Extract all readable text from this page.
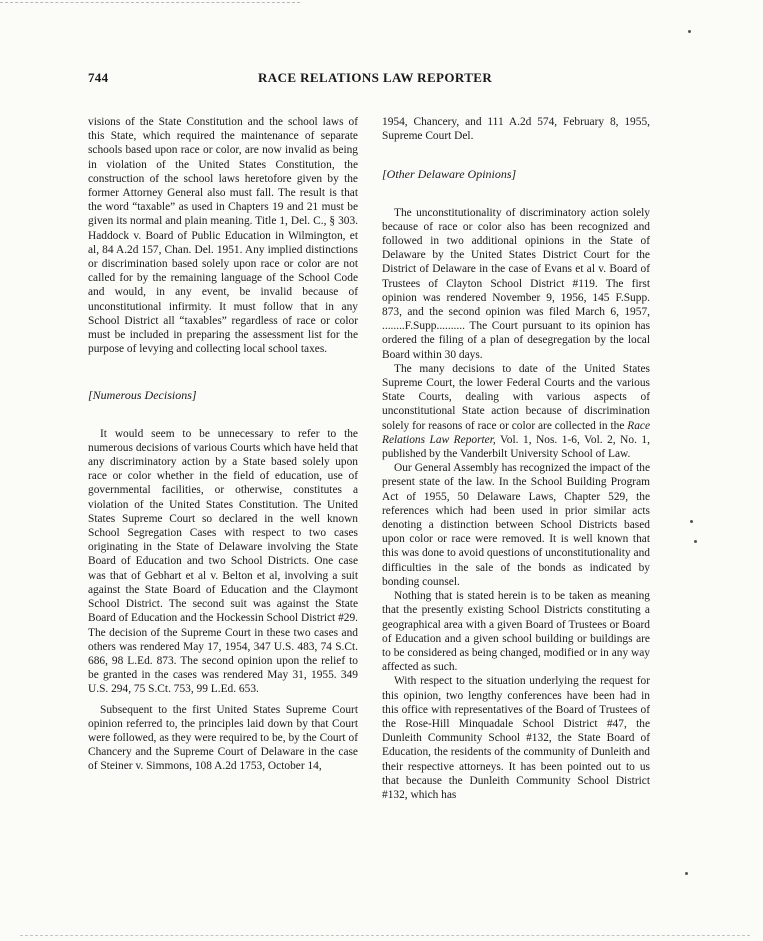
744	RACE RELATIONS LAW REPORTER

visions of the State Constitution and the school laws of this State, which required the maintenance of separate schools based upon race or color, are now invalid as being in violation of the United States Constitution, the construction of the school laws heretofore given by the former Attorney General also must fall. The result is that the word “taxable” as used in Chapters 19 and 21 must be given its normal and plain meaning. Title 1, Del. C., § 303. Haddock v. Board of Public Education in Wilmington, et al, 84 A.2d 157, Chan. Del. 1951. Any implied distinctions or discrimination based solely upon race or color are not called for by the remaining language of the School Code and would, in any event, be invalid because of unconstitutional infirmity. It must follow that in any School District all “taxables” regardless of race or color must be included in preparing the assessment list for the purpose of levying and collecting local school taxes.

[Numerous Decisions]

It would seem to be unnecessary to refer to the numerous decisions of various Courts which have held that any discriminatory action by a State based solely upon race or color whether in the field of education, use of governmental facilities, or otherwise, constitutes a violation of the United States Constitution. The United States Supreme Court so declared in the well known School Segregation Cases with respect to two cases originating in the State of Delaware involving the State Board of Education and two School Districts. One case was that of Gebhart et al v. Belton et al, involving a suit against the State Board of Education and the Claymont School District. The second suit was against the State Board of Education and the Hockessin School District #29. The decision of the Supreme Court in these two cases and others was rendered May 17, 1954, 347 U.S. 483, 74 S.Ct. 686, 98 L.Ed. 873. The second opinion upon the relief to be granted in the cases was rendered May 31, 1955. 349 U.S. 294, 75 S.Ct. 753, 99 L.Ed. 653.

Subsequent to the first United States Supreme Court opinion referred to, the principles laid down by that Court were followed, as they were required to be, by the Court of Chancery and the Supreme Court of Delaware in the case of Steiner v. Simmons, 108 A.2d 1753, October 14,

1954, Chancery, and 111 A.2d 574, February 8, 1955, Supreme Court Del.

[Other Delaware Opinions]

The unconstitutionality of discriminatory action solely because of race or color also has been recognized and followed in two additional opinions in the State of Delaware by the United States District Court for the District of Delaware in the case of Evans et al v. Board of Trustees of Clayton School District #119. The first opinion was rendered November 9, 1956, 145 F.Supp. 873, and the second opinion was filed March 6, 1957, ........F.Supp.......... The Court pursuant to its opinion has ordered the filing of a plan of desegregation by the local Board within 30 days.

The many decisions to date of the United States Supreme Court, the lower Federal Courts and the various State Courts, dealing with various aspects of unconstitutional State action because of discrimination solely for reasons of race or color are collected in the Race Relations Law Reporter, Vol. 1, Nos. 1-6, Vol. 2, No. 1, published by the Vanderbilt University School of Law.

Our General Assembly has recognized the impact of the present state of the law. In the School Building Program Act of 1955, 50 Delaware Laws, Chapter 529, the references which had been used in prior similar acts denoting a distinction between School Districts based upon color or race were removed. It is well known that this was done to avoid questions of unconstitutionality and difficulties in the sale of the bonds as indicated by bonding counsel.

Nothing that is stated herein is to be taken as meaning that the presently existing School Districts constituting a geographical area with a given Board of Trustees or Board of Education and a given school building or buildings are to be considered as being changed, modified or in any way affected as such.

With respect to the situation underlying the request for this opinion, two lengthy conferences have been had in this office with representatives of the Board of Trustees of the Rose-Hill Minquadale School District #47, the Dunleith Community School #132, the State Board of Education, the residents of the community of Dunleith and their respective attorneys. It has been pointed out to us that because the Dunleith Community School District #132, which has
